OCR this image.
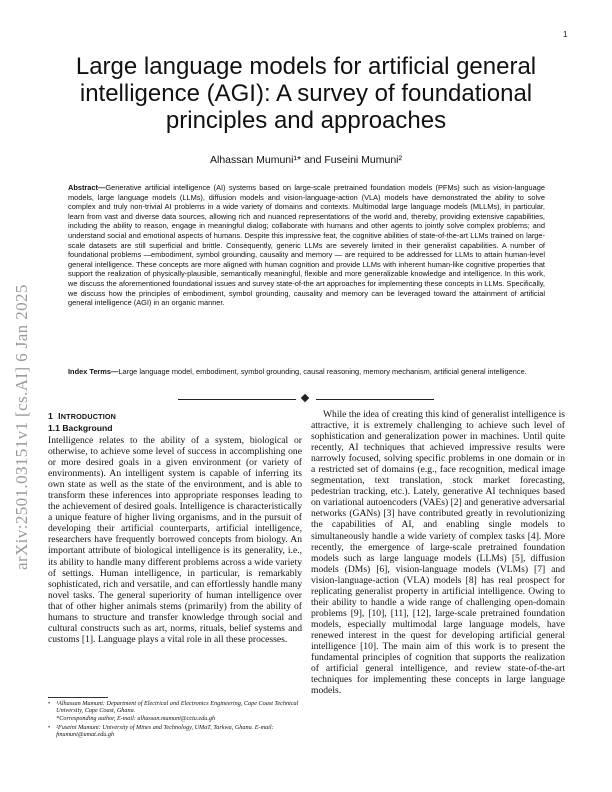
1
arXiv:2501.03151v1 [cs.AI] 6 Jan 2025
Large language models for artificial general intelligence (AGI): A survey of foundational principles and approaches
Alhassan Mumuni¹* and Fuseini Mumuni²
Abstract—Generative artificial intelligence (AI) systems based on large-scale pretrained foundation models (PFMs) such as vision-language models, large language models (LLMs), diffusion models and vision-language-action (VLA) models have demonstrated the ability to solve complex and truly non-trivial AI problems in a wide variety of domains and contexts. Multimodal large language models (MLLMs), in particular, learn from vast and diverse data sources, allowing rich and nuanced representations of the world and, thereby, providing extensive capabilities, including the ability to reason, engage in meaningful dialog; collaborate with humans and other agents to jointly solve complex problems; and understand social and emotional aspects of humans. Despite this impressive feat, the cognitive abilities of state-of-the-art LLMs trained on large-scale datasets are still superficial and brittle. Consequently, generic LLMs are severely limited in their generalist capabilities. A number of foundational problems —embodiment, symbol grounding, causality and memory — are required to be addressed for LLMs to attain human-level general intelligence. These concepts are more aligned with human cognition and provide LLMs with inherent human-like cognitive properties that support the realization of physically-plausible, semantically meaningful, flexible and more generalizable knowledge and intelligence. In this work, we discuss the aforementioned foundational issues and survey state-of-the art approaches for implementing these concepts in LLMs. Specifically, we discuss how the principles of embodiment, symbol grounding, causality and memory can be leveraged toward the attainment of artificial general intelligence (AGI) in an organic manner.
Index Terms—Large language model, embodiment, symbol grounding, causal reasoning, memory mechanism, artificial general intelligence.
1 INTRODUCTION
1.1 Background

Intelligence relates to the ability of a system, biological or otherwise, to achieve some level of success in accomplishing one or more desired goals in a given environment (or variety of environments). An intelligent system is capable of inferring its own state as well as the state of the environment, and is able to transform these inferences into appropriate responses leading to the achievement of desired goals. Intelligence is characteristically a unique feature of higher living organisms, and in the pursuit of developing their artificial counterparts, artificial intelligence, researchers have frequently borrowed concepts from biology. An important attribute of biological intelligence is its generality, i.e., its ability to handle many different problems across a wide variety of settings. Human intelligence, in particular, is remarkably sophisticated, rich and versatile, and can effortlessly handle many novel tasks. The general superiority of human intelligence over that of other higher animals stems (primarily) from the ability of humans to structure and transfer knowledge through social and cultural constructs such as art, norms, rituals, belief systems and customs [1]. Language plays a vital role in all these processes.

While the idea of creating this kind of generalist intelligence is attractive, it is extremely challenging to achieve such level of sophistication and generalization power in machines. Until quite recently, AI techniques that achieved impressive results were narrowly focused, solving specific problems in one domain or in a restricted set of domains (e.g., face recognition, medical image segmentation, text translation, stock market forecasting, pedestrian tracking, etc.). Lately, generative AI techniques based on variational autoencoders (VAEs) [2] and generative adversarial networks (GANs) [3] have contributed greatly in revolutionizing the capabilities of AI, and enabling single models to simultaneously handle a wide variety of complex tasks [4]. More recently, the emergence of large-scale pretrained foundation models such as large language models (LLMs) [5], diffusion models (DMs) [6], vision-language models (VLMs) [7] and vision-language-action (VLA) models [8] has real prospect for replicating generalist property in artificial intelligence. Owing to their ability to handle a wide range of challenging open-domain problems [9], [10], [11], [12], large-scale pretrained foundation models, especially multimodal large language models, have renewed interest in the quest for developing artificial general intelligence [10]. The main aim of this work is to present the fundamental principles of cognition that supports the realization of artificial general intelligence, and review state-of-the-art techniques for implementing these concepts in large language models.

• ¹Alhassan Mumuni: Department of Electrical and Electronics Engineering, Cape Coast Technical University, Cape Coast, Ghana.
*Corresponding author, E-mail: alhassan.mumuni@cctu.edu.gh
• ²Fuseini Mumuni: University of Mines and Technology, UMaT, Tarkwa, Ghana. E-mail: fmumuni@umat.edu.gh
